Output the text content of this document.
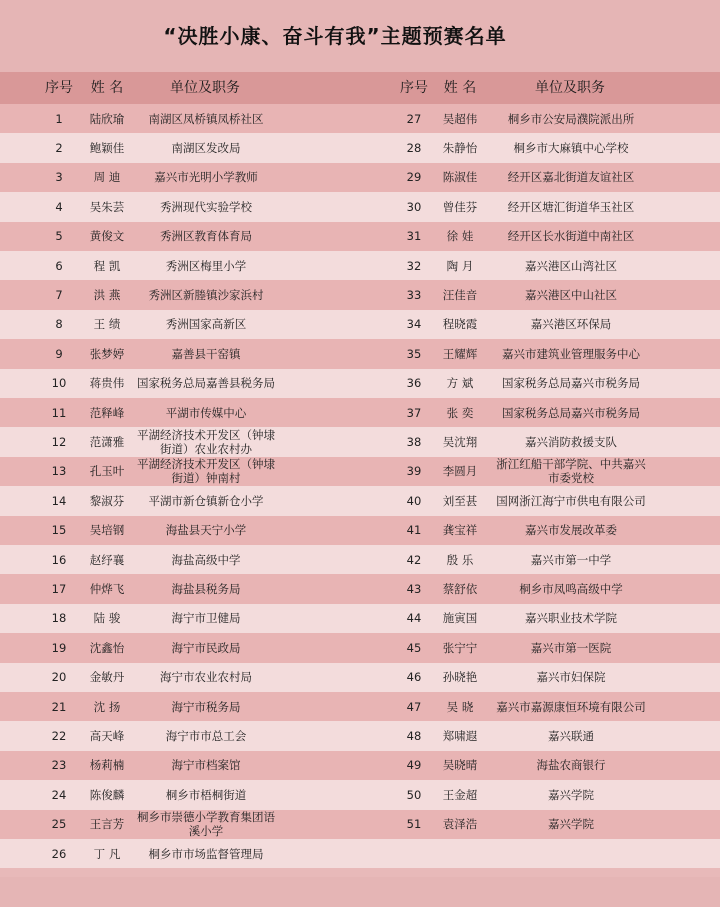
“决胜小康、奋斗有我”主题预赛名单
序号	姓 名	单位及职务	序号	姓 名	单位及职务
1	陆欣瑜	南湖区凤桥镇凤桥社区	27	吴超伟	桐乡市公安局濮院派出所
2	鲍颖佳	南湖区发改局	28	朱静怡	桐乡市大麻镇中心学校
3	周 迪	嘉兴市光明小学教师	29	陈淑佳	经开区嘉北街道友谊社区
4	吴朱芸	秀洲现代实验学校	30	曾佳芬	经开区塘汇街道华玉社区
5	黄俊文	秀洲区教育体育局	31	徐 娃	经开区长水街道中南社区
6	程 凯	秀洲区梅里小学	32	陶 月	嘉兴港区山湾社区
7	洪 燕	秀洲区新塍镇沙家浜村	33	汪佳音	嘉兴港区中山社区
8	王 绩	秀洲国家高新区	34	程晓霞	嘉兴港区环保局
9	张梦婷	嘉善县干窑镇	35	王耀辉	嘉兴市建筑业管理服务中心
10	蒋贵伟	国家税务总局嘉善县税务局	36	方 斌	国家税务总局嘉兴市税务局
11	范释峰	平湖市传媒中心	37	张 奕	国家税务总局嘉兴市税务局
12	范潇雅	平湖经济技术开发区（钟埭街道）农业农村办	38	吴沈翔	嘉兴消防救援支队
13	孔玉叶	平湖经济技术开发区（钟埭街道）钟南村	39	李圆月	浙江红船干部学院、中共嘉兴市委党校
14	黎淑芬	平湖市新仓镇新仓小学	40	刘至甚	国网浙江海宁市供电有限公司
15	吴培钢	海盐县天宁小学	41	龚宝祥	嘉兴市发展改革委
16	赵纾襄	海盐高级中学	42	殷 乐	嘉兴市第一中学
17	仲烨飞	海盐县税务局	43	蔡舒依	桐乡市凤鸣高级中学
18	陆 骏	海宁市卫健局	44	施寅国	嘉兴职业技术学院
19	沈鑫怡	海宁市民政局	45	张宁宁	嘉兴市第一医院
20	金敏丹	海宁市农业农村局	46	孙晓艳	嘉兴市妇保院
21	沈 扬	海宁市税务局	47	吴 晓	嘉兴市嘉源康恒环境有限公司
22	高天峰	海宁市市总工会	48	郑啸遐	嘉兴联通
23	杨莉楠	海宁市档案馆	49	吴晓晴	海盐农商银行
24	陈俊麟	桐乡市梧桐街道	50	王金超	嘉兴学院
25	王言芳	桐乡市崇德小学教育集团语溪小学	51	袁泽浩	嘉兴学院
26	丁 凡	桐乡市市场监督管理局
